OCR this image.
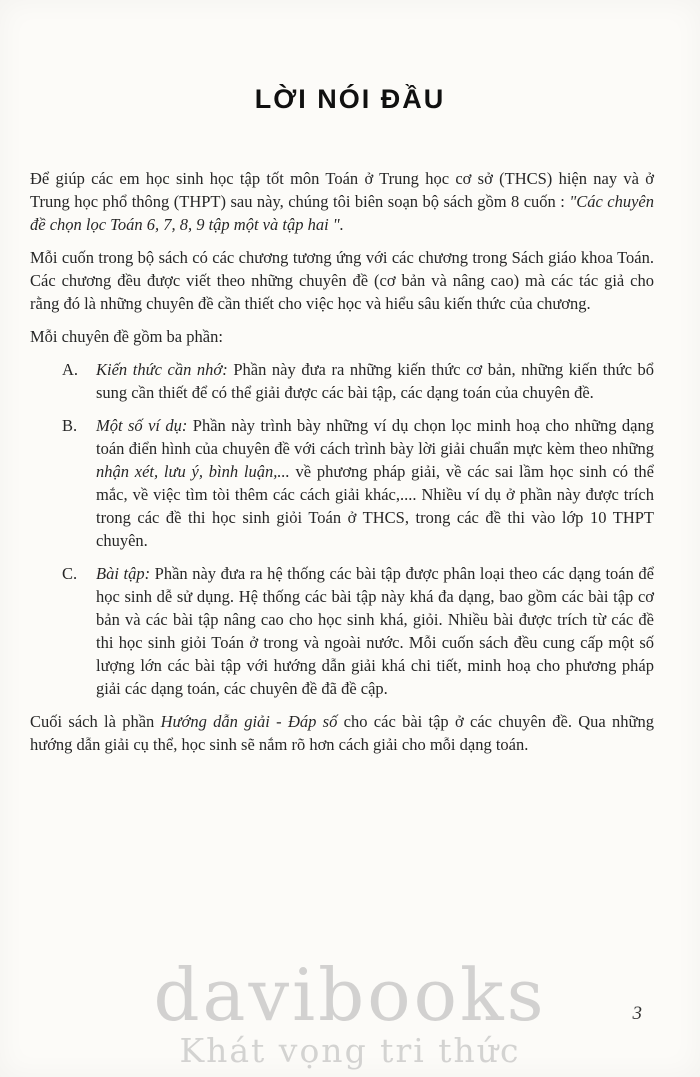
LỜI NÓI ĐẦU

Để giúp các em học sinh học tập tốt môn Toán ở Trung học cơ sở (THCS) hiện nay và ở Trung học phổ thông (THPT) sau này, chúng tôi biên soạn bộ sách gồm 8 cuốn : "Các chuyên đề chọn lọc Toán 6, 7, 8, 9 tập một và tập hai ".

Mỗi cuốn trong bộ sách có các chương tương ứng với các chương trong Sách giáo khoa Toán. Các chương đều được viết theo những chuyên đề (cơ bản và nâng cao) mà các tác giả cho rằng đó là những chuyên đề cần thiết cho việc học và hiểu sâu kiến thức của chương.

Mỗi chuyên đề gồm ba phần:

A.	Kiến thức cần nhớ: Phần này đưa ra những kiến thức cơ bản, những kiến thức bổ sung cần thiết để có thể giải được các bài tập, các dạng toán của chuyên đề.
B.	Một số ví dụ: Phần này trình bày những ví dụ chọn lọc minh hoạ cho những dạng toán điển hình của chuyên đề với cách trình bày lời giải chuẩn mực kèm theo những nhận xét, lưu ý, bình luận,... về phương pháp giải, về các sai lầm học sinh có thể mắc, về việc tìm tòi thêm các cách giải khác,.... Nhiều ví dụ ở phần này được trích trong các đề thi học sinh giỏi Toán ở THCS, trong các đề thi vào lớp 10 THPT chuyên.
C.	Bài tập: Phần này đưa ra hệ thống các bài tập được phân loại theo các dạng toán để học sinh dễ sử dụng. Hệ thống các bài tập này khá đa dạng, bao gồm các bài tập cơ bản và các bài tập nâng cao cho học sinh khá, giỏi. Nhiều bài được trích từ các đề thi học sinh giỏi Toán ở trong và ngoài nước. Mỗi cuốn sách đều cung cấp một số lượng lớn các bài tập với hướng dẫn giải khá chi tiết, minh hoạ cho phương pháp giải các dạng toán, các chuyên đề đã đề cập.

Cuối sách là phần Hướng dẫn giải - Đáp số cho các bài tập ở các chuyên đề. Qua những hướng dẫn giải cụ thể, học sinh sẽ nắm rõ hơn cách giải cho mỗi dạng toán.

davibooks
Khát vọng tri thức
3
